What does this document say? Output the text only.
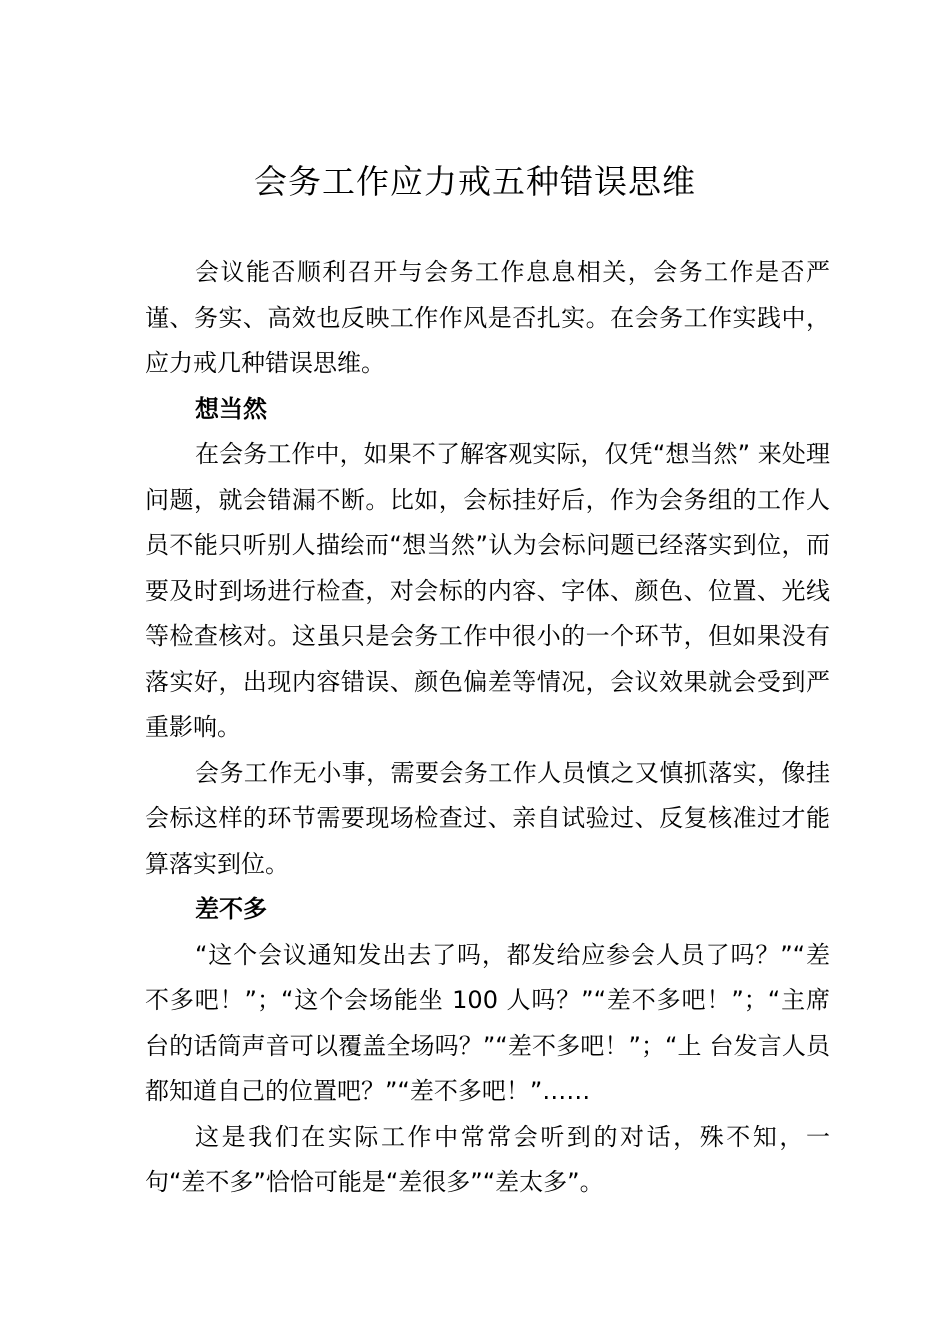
会务工作应力戒五种错误思维

会议能否顺利召开与会务工作息息相关，会务工作是否严谨、务实、高效也反映工作作风是否扎实。在会务工作实践中，应力戒几种错误思维。

想当然

在会务工作中，如果不了解客观实际，仅凭“想当然” 来处理问题，就会错漏不断。比如，会标挂好后，作为会务组的工作人员不能只听别人描绘而“想当然”认为会标问题已经落实到位，而要及时到场进行检查，对会标的内容、字体、颜色、位置、光线等检查核对。这虽只是会务工作中很小的一个环节，但如果没有落实好，出现内容错误、颜色偏差等情况，会议效果就会受到严重影响。

会务工作无小事，需要会务工作人员慎之又慎抓落实，像挂会标这样的环节需要现场检查过、亲自试验过、反复核准过才能算落实到位。

差不多

“这个会议通知发出去了吗，都发给应参会人员了吗？”“差不多吧！”；“这个会场能坐 100 人吗？”“差不多吧！”；“主席台的话筒声音可以覆盖全场吗？”“差不多吧！”；“上 台发言人员都知道自己的位置吧？”“差不多吧！”……

这是我们在实际工作中常常会听到的对话，殊不知，一句“差不多”恰恰可能是“差很多”“差太多”。
